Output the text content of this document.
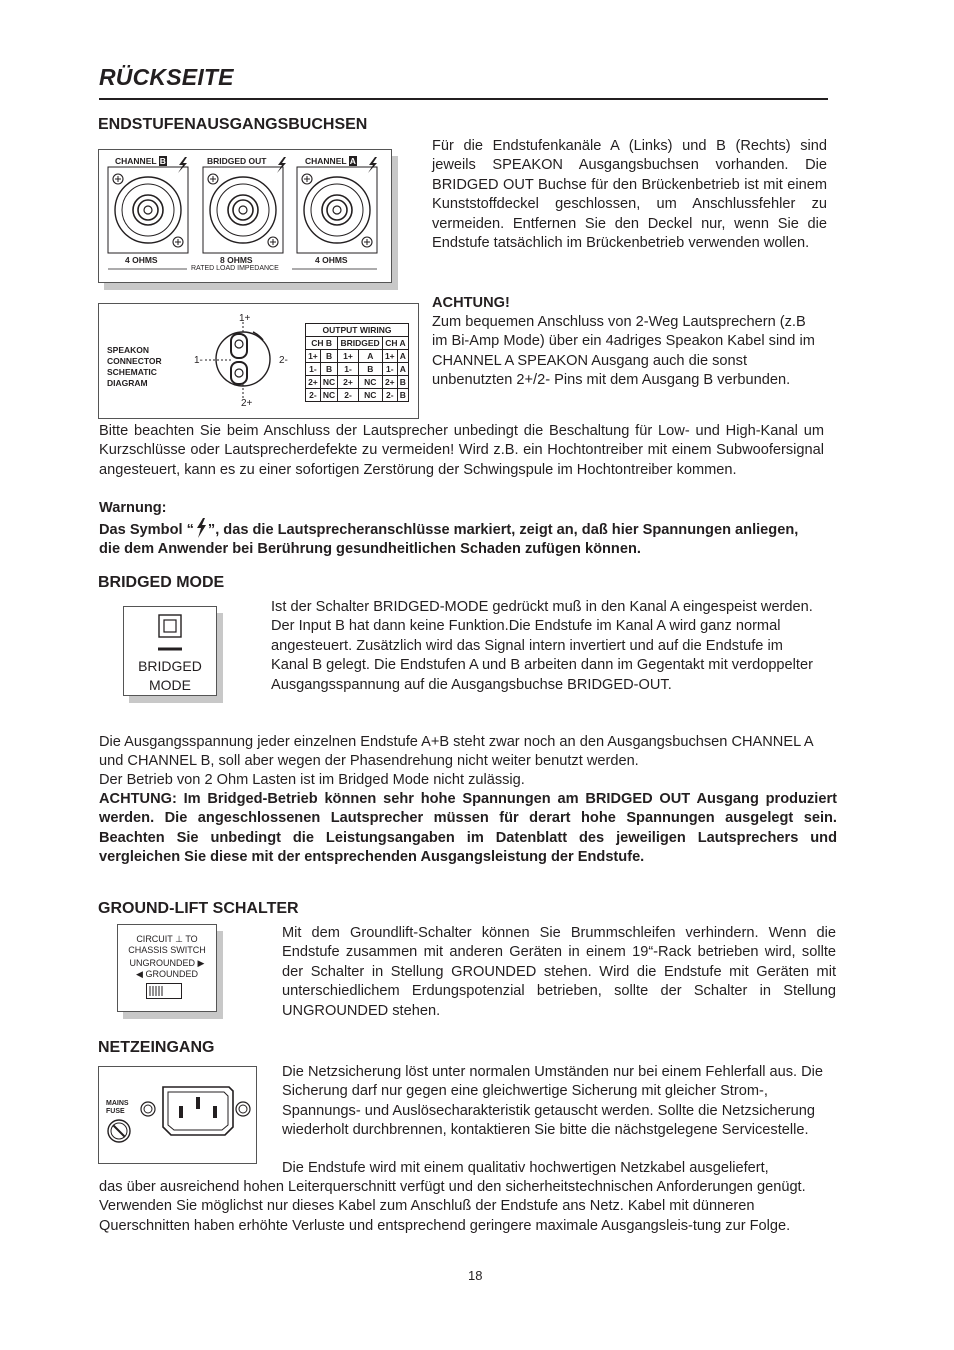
RÜCKSEITE
ENDSTUFENAUSGANGSBUCHSEN
CHANNEL B	BRIDGED OUT	CHANNEL A
4 OHMS	8 OHMS	4 OHMS
RATED LOAD IMPEDANCE
Für die Endstufenkanäle A (Links) und B (Rechts) sind jeweils SPEAKON Ausgangsbuchsen vorhanden. Die BRIDGED OUT Buchse für den Brückenbetrieb ist mit einem Kunststoffdeckel geschlossen, um Anschlussfehler zu vermeiden. Entfernen Sie den Deckel nur, wenn Sie die Endstufe tatsächlich im Brückenbetrieb verwenden wollen.
SPEAKON
CONNECTOR
SCHEMATIC
DIAGRAM
1+
1-	2-
2+
OUTPUT WIRING					
CH B		BRIDGED		CH A	
1+	B	1+	A	1+	A
1-	B	1-	B	1-	A
2+	NC	2+	NC	2+	B
2-	NC	2-	NC	2-	B
ACHTUNG!
Zum bequemen Anschluss von 2-Weg Lautsprechern (z.B im Bi-Amp Mode) über ein 4adriges Speakon Kabel sind im CHANNEL A SPEAKON Ausgang auch die sonst unbenutzten 2+/2- Pins mit dem Ausgang B verbunden.
Bitte beachten Sie beim Anschluss der Lautsprecher unbedingt die Beschaltung für Low- und High-Kanal um Kurzschlüsse oder Lautsprecherdefekte zu vermeiden! Wird z.B. ein Hochtontreiber mit einem Subwoofersignal angesteuert, kann es zu einer sofortigen Zerstörung der Schwingspule im Hochtontreiber kommen.
Warnung:
Das Symbol “ ”, das die Lautsprecheranschlüsse markiert, zeigt an, daß hier Spannungen anliegen, die dem Anwender bei Berührung gesundheitlichen Schaden zufügen können.
BRIDGED MODE
BRIDGED
MODE
Ist der Schalter BRIDGED-MODE gedrückt muß in den Kanal A eingespeist werden. Der Input B hat dann keine Funktion.Die Endstufe im Kanal A wird ganz normal angesteuert. Zusätzlich wird das Signal intern invertiert und auf die Endstufe im Kanal B gelegt. Die Endstufen A und B arbeiten dann im Gegentakt mit verdoppelter Ausgangsspannung auf die Ausgangsbuchse BRIDGED-OUT.
Die Ausgangsspannung jeder einzelnen Endstufe A+B steht zwar noch an den Ausgangsbuchsen CHANNEL A und CHANNEL B, soll aber wegen der Phasendrehung nicht weiter benutzt werden.
Der Betrieb von 2 Ohm Lasten ist im Bridged Mode nicht zulässig.
ACHTUNG: Im Bridged-Betrieb können sehr hohe Spannungen am BRIDGED OUT Ausgang produziert werden. Die angeschlossenen Lautsprecher müssen für derart hohe Spannungen ausgelegt sein. Beachten Sie unbedingt die Leistungsangaben im Datenblatt des jeweiligen Lautsprechers und vergleichen Sie diese mit der entsprechenden Ausgangsleistung der Endstufe.
GROUND-LIFT SCHALTER
CIRCUIT ⊥ TO
CHASSIS SWITCH
UNGROUNDED ▶
◀ GROUNDED
Mit dem Groundlift-Schalter können Sie Brummschleifen verhindern. Wenn die Endstufe zusammen mit anderen Geräten in einem 19“-Rack betrieben wird, sollte der Schalter in Stellung GROUNDED stehen. Wird die Endstufe mit Geräten mit unterschiedlichem Erdungspotenzial betrieben, sollte der Schalter in Stellung UNGROUNDED stehen.
NETZEINGANG
MAINS
FUSE
Die Netzsicherung löst unter normalen Umständen nur bei einem Fehlerfall aus. Die Sicherung darf nur gegen eine gleichwertige Sicherung mit gleicher Strom-, Spannungs- und Auslösecharakteristik getauscht werden. Sollte die Netzsicherung wiederholt durchbrennen, kontaktieren Sie bitte die nächstgelegene Servicestelle.
Die Endstufe wird mit einem qualitativ hochwertigen Netzkabel ausgeliefert,
das über ausreichend hohen Leiterquerschnitt verfügt und den sicherheitstechnischen Anforderungen genügt. Verwenden Sie möglichst nur dieses Kabel zum Anschluß der Endstufe ans Netz. Kabel mit dünneren Querschnitten haben erhöhte Verluste und entsprechend geringere maximale Ausgangsleis-tung zur Folge.
18
